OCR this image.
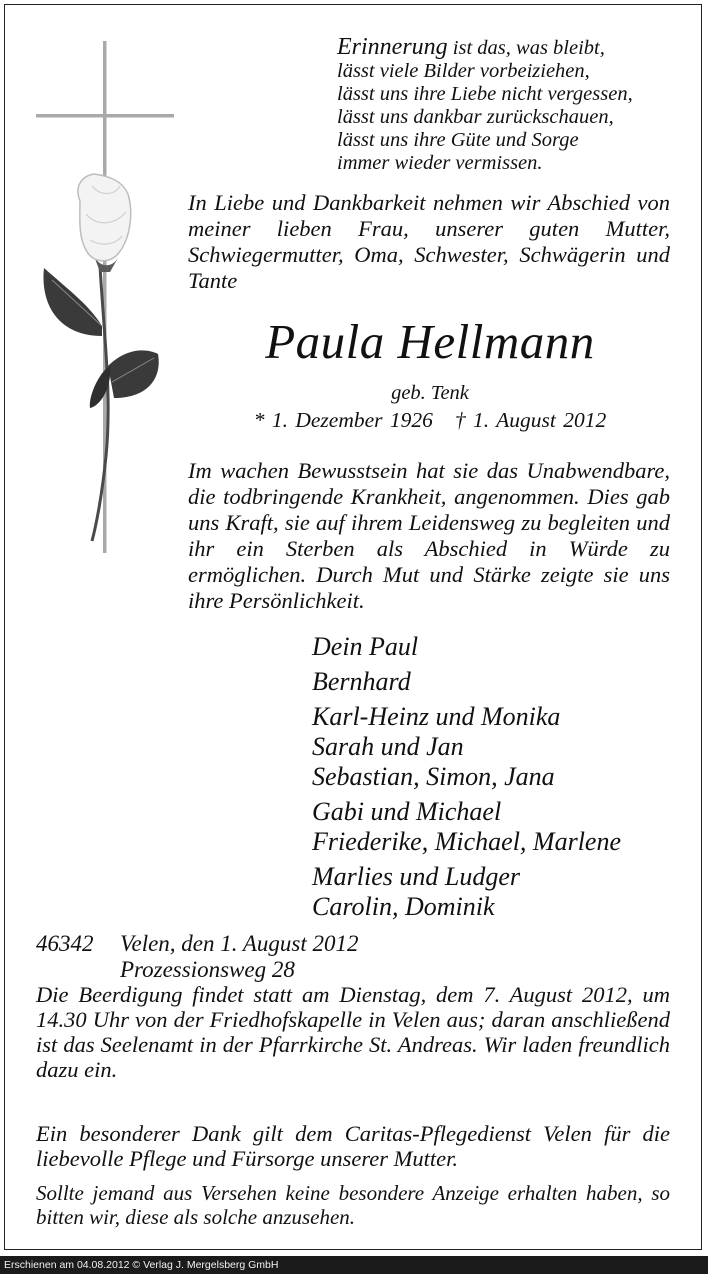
Erinnerung ist das, was bleibt,
lässt viele Bilder vorbeiziehen,
lässt uns ihre Liebe nicht vergessen,
lässt uns dankbar zurückschauen,
lässt uns ihre Güte und Sorge
immer wieder vermissen.
In Liebe und Dankbarkeit nehmen wir Abschied von meiner lieben Frau, unserer guten Mutter, Schwiegermutter, Oma, Schwester, Schwägerin und Tante
Paula Hellmann
geb. Tenk
* 1. Dezember 1926 † 1. August 2012
Im wachen Bewusstsein hat sie das Unabwendbare, die todbringende Krankheit, angenommen. Dies gab uns Kraft, sie auf ihrem Leidensweg zu begleiten und ihr ein Sterben als Abschied in Würde zu ermöglichen. Durch Mut und Stärke zeigte sie uns ihre Persönlichkeit.
Dein Paul
Bernhard
Karl-Heinz und Monika
Sarah und Jan
Sebastian, Simon, Jana
Gabi und Michael
Friederike, Michael, Marlene
Marlies und Ludger
Carolin, Dominik
46342 Velen, den 1. August 2012
Prozessionsweg 28
Die Beerdigung findet statt am Dienstag, dem 7. August 2012, um 14.30 Uhr von der Friedhofskapelle in Velen aus; daran anschließend ist das Seelenamt in der Pfarrkirche St. Andreas. Wir laden freundlich dazu ein.
Ein besonderer Dank gilt dem Caritas-Pflegedienst Velen für die liebevolle Pflege und Fürsorge unserer Mutter.
Sollte jemand aus Versehen keine besondere Anzeige erhalten haben, so bitten wir, diese als solche anzusehen.
Erschienen am 04.08.2012 © Verlag J. Mergelsberg GmbH
